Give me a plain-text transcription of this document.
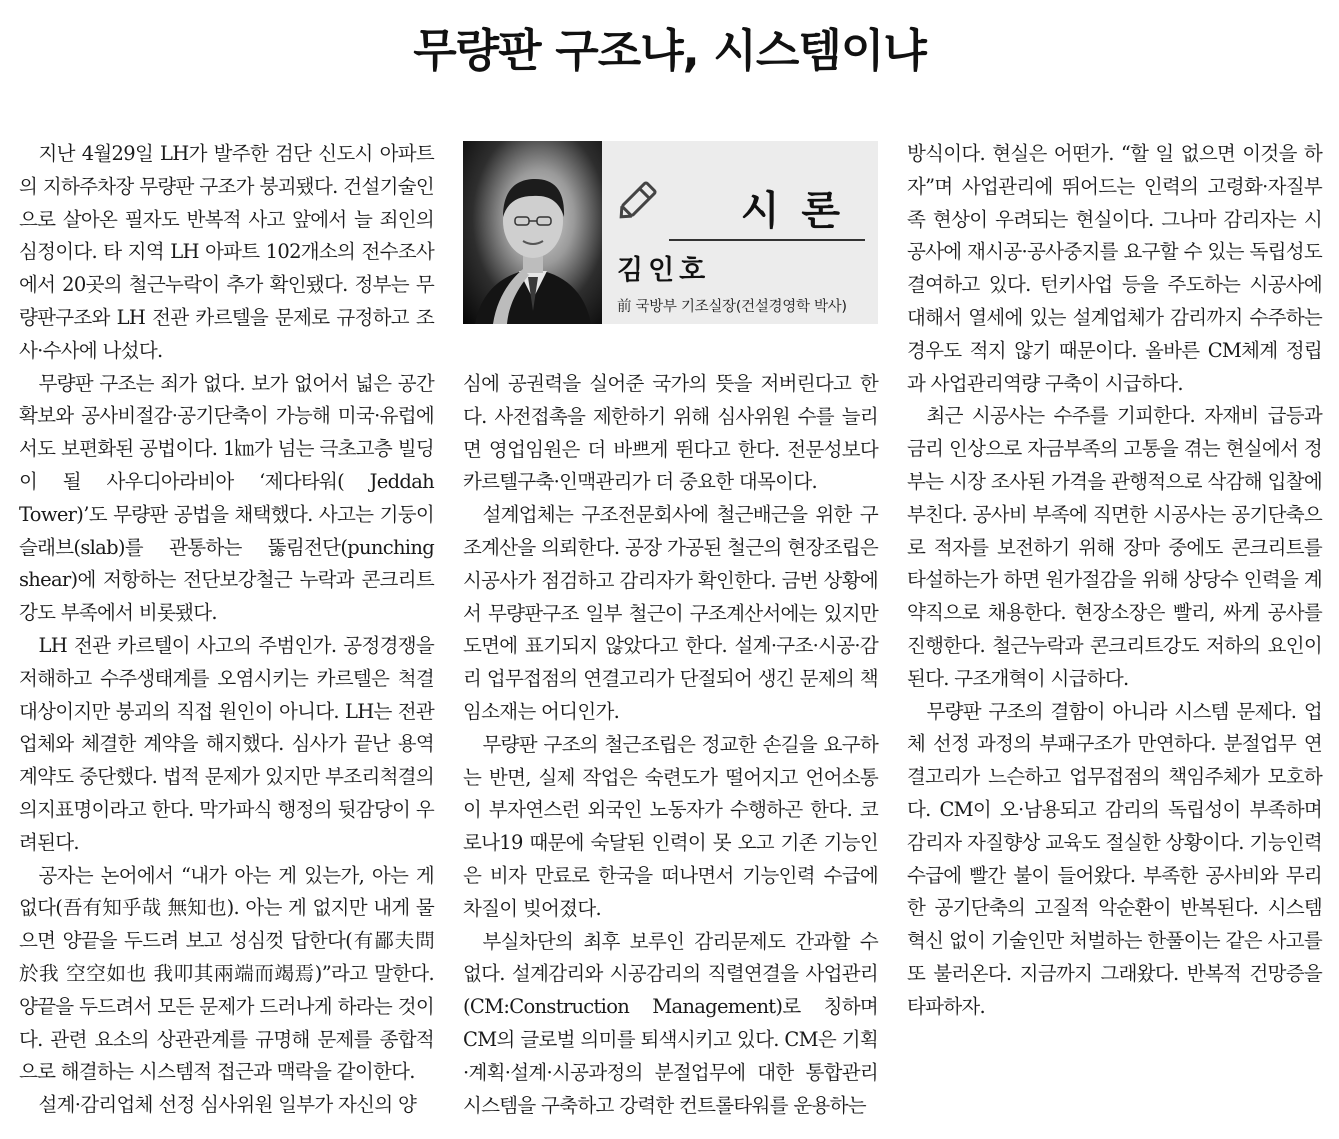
무량판 구조냐, 시스템이냐

지난 4월29일 LH가 발주한 검단 신도시 아파트의 지하주차장 무량판 구조가 붕괴됐다. 건설기술인으로 살아온 필자도 반복적 사고 앞에서 늘 죄인의 심정이다. 타 지역 LH 아파트 102개소의 전수조사에서 20곳의 철근누락이 추가 확인됐다. 정부는 무량판구조와 LH 전관 카르텔을 문제로 규정하고 조사·수사에 나섰다.

무량판 구조는 죄가 없다. 보가 없어서 넓은 공간 확보와 공사비절감·공기단축이 가능해 미국·유럽에서도 보편화된 공법이다. 1㎞가 넘는 극초고층 빌딩이 될 사우디아라비아 ‘제다타워( Jeddah Tower)’도 무량판 공법을 채택했다. 사고는 기둥이 슬래브(slab)를 관통하는 뚫림전단(punching shear)에 저항하는 전단보강철근 누락과 콘크리트 강도 부족에서 비롯됐다.

LH 전관 카르텔이 사고의 주범인가. 공정경쟁을 저해하고 수주생태계를 오염시키는 카르텔은 척결 대상이지만 붕괴의 직접 원인이 아니다. LH는 전관업체와 체결한 계약을 해지했다. 심사가 끝난 용역계약도 중단했다. 법적 문제가 있지만 부조리척결의 의지표명이라고 한다. 막가파식 행정의 뒷감당이 우려된다.

공자는 논어에서 “내가 아는 게 있는가, 아는 게 없다(吾有知乎哉 無知也). 아는 게 없지만 내게 물으면 양끝을 두드려 보고 성심껏 답한다(有鄙夫問於我 空空如也 我叩其兩端而竭焉)”라고 말한다. 양끝을 두드려서 모든 문제가 드러나게 하라는 것이다. 관련 요소의 상관관계를 규명해 문제를 종합적으로 해결하는 시스템적 접근과 맥락을 같이한다.

설계·감리업체 선정 심사위원 일부가 자신의 양

시론
김인호
前 국방부 기조실장(건설경영학 박사)

심에 공권력을 실어준 국가의 뜻을 저버린다고 한다. 사전접촉을 제한하기 위해 심사위원 수를 늘리면 영업임원은 더 바쁘게 뛴다고 한다. 전문성보다 카르텔구축·인맥관리가 더 중요한 대목이다.

설계업체는 구조전문회사에 철근배근을 위한 구조계산을 의뢰한다. 공장 가공된 철근의 현장조립은 시공사가 점검하고 감리자가 확인한다. 금번 상황에서 무량판구조 일부 철근이 구조계산서에는 있지만 도면에 표기되지 않았다고 한다. 설계·구조·시공·감리 업무접점의 연결고리가 단절되어 생긴 문제의 책임소재는 어디인가.

무량판 구조의 철근조립은 정교한 손길을 요구하는 반면, 실제 작업은 숙련도가 떨어지고 언어소통이 부자연스런 외국인 노동자가 수행하곤 한다. 코로나19 때문에 숙달된 인력이 못 오고 기존 기능인은 비자 만료로 한국을 떠나면서 기능인력 수급에 차질이 빚어졌다.

부실차단의 최후 보루인 감리문제도 간과할 수 없다. 설계감리와 시공감리의 직렬연결을 사업관리(CM:Construction Management)로 칭하며 CM의 글로벌 의미를 퇴색시키고 있다. CM은 기획·계획·설계·시공과정의 분절업무에 대한 통합관리 시스템을 구축하고 강력한 컨트롤타워를 운용하는

방식이다. 현실은 어떤가. “할 일 없으면 이것을 하자”며 사업관리에 뛰어드는 인력의 고령화·자질부족 현상이 우려되는 현실이다. 그나마 감리자는 시공사에 재시공·공사중지를 요구할 수 있는 독립성도 결여하고 있다. 턴키사업 등을 주도하는 시공사에 대해서 열세에 있는 설계업체가 감리까지 수주하는 경우도 적지 않기 때문이다. 올바른 CM체계 정립과 사업관리역량 구축이 시급하다.

최근 시공사는 수주를 기피한다. 자재비 급등과 금리 인상으로 자금부족의 고통을 겪는 현실에서 정부는 시장 조사된 가격을 관행적으로 삭감해 입찰에 부친다. 공사비 부족에 직면한 시공사는 공기단축으로 적자를 보전하기 위해 장마 중에도 콘크리트를 타설하는가 하면 원가절감을 위해 상당수 인력을 계약직으로 채용한다. 현장소장은 빨리, 싸게 공사를 진행한다. 철근누락과 콘크리트강도 저하의 요인이 된다. 구조개혁이 시급하다.

무량판 구조의 결함이 아니라 시스템 문제다. 업체 선정 과정의 부패구조가 만연하다. 분절업무 연결고리가 느슨하고 업무접점의 책임주체가 모호하다. CM이 오·남용되고 감리의 독립성이 부족하며 감리자 자질향상 교육도 절실한 상황이다. 기능인력 수급에 빨간 불이 들어왔다. 부족한 공사비와 무리한 공기단축의 고질적 악순환이 반복된다. 시스템 혁신 없이 기술인만 처벌하는 한풀이는 같은 사고를 또 불러온다. 지금까지 그래왔다. 반복적 건망증을 타파하자.
